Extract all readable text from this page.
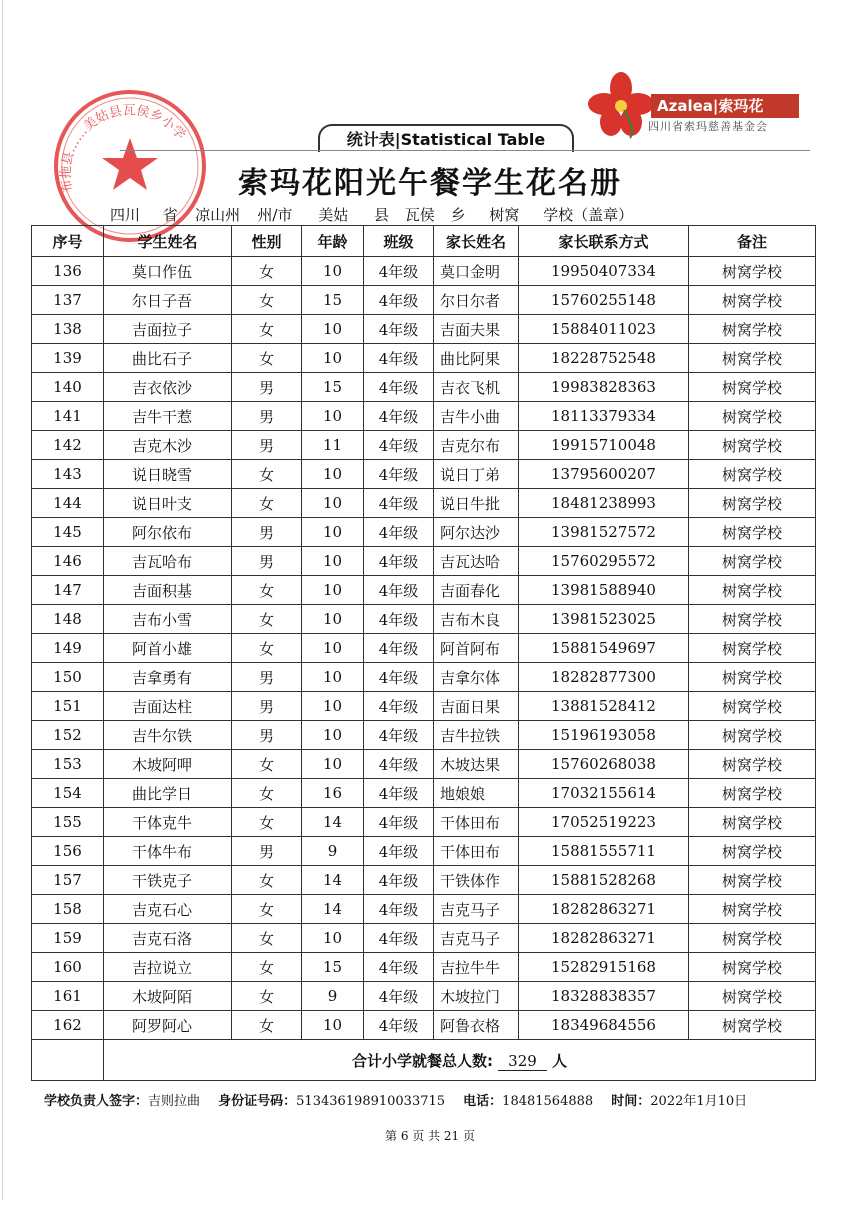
Azalea|索玛花
四川省索玛慈善基金会
布拖县……美姑县瓦侯乡小学	统计表|Statistical Table
索玛花阳光午餐学生花名册
四川 省 凉山州 州/市 美姑 县 瓦侯 乡 树窝 学校（盖章）
序号	学生姓名	性别	年龄	班级	家长姓名	家长联系方式	备注
136	莫口作伍	女	10	4年级	莫口金明	19950407334	树窝学校
137	尔日子吾	女	15	4年级	尔日尔者	15760255148	树窝学校
138	吉面拉子	女	10	4年级	吉面夫果	15884011023	树窝学校
139	曲比石子	女	10	4年级	曲比阿果	18228752548	树窝学校
140	吉衣依沙	男	15	4年级	吉衣飞机	19983828363	树窝学校
141	吉牛干惹	男	10	4年级	吉牛小曲	18113379334	树窝学校
142	吉克木沙	男	11	4年级	吉克尔布	19915710048	树窝学校
143	说日晓雪	女	10	4年级	说日丁弟	13795600207	树窝学校
144	说日叶支	女	10	4年级	说日牛批	18481238993	树窝学校
145	阿尔依布	男	10	4年级	阿尔达沙	13981527572	树窝学校
146	吉瓦哈布	男	10	4年级	吉瓦达哈	15760295572	树窝学校
147	吉面积基	女	10	4年级	吉面春化	13981588940	树窝学校
148	吉布小雪	女	10	4年级	吉布木良	13981523025	树窝学校
149	阿首小雄	女	10	4年级	阿首阿布	15881549697	树窝学校
150	吉拿勇有	男	10	4年级	吉拿尔体	18282877300	树窝学校
151	吉面达柱	男	10	4年级	吉面日果	13881528412	树窝学校
152	吉牛尔铁	男	10	4年级	吉牛拉铁	15196193058	树窝学校
153	木坡阿呷	女	10	4年级	木坡达果	15760268038	树窝学校
154	曲比学日	女	16	4年级	地娘娘	17032155614	树窝学校
155	干体克牛	女	14	4年级	干体田布	17052519223	树窝学校
156	干体牛布	男	9	4年级	干体田布	15881555711	树窝学校
157	干铁克子	女	14	4年级	干铁体作	15881528268	树窝学校
158	吉克石心	女	14	4年级	吉克马子	18282863271	树窝学校
159	吉克石洛	女	10	4年级	吉克马子	18282863271	树窝学校
160	吉拉说立	女	15	4年级	吉拉牛牛	15282915168	树窝学校
161	木坡阿陌	女	9	4年级	木坡拉门	18328838357	树窝学校
162	阿罗阿心	女	10	4年级	阿鲁衣格	18349684556	树窝学校
	合计小学就餐总人数: 329 人						
学校负责人签字：吉则拉曲 身份证号码：513436198910033715 电话：18481564888 时间：2022年1月10日
第 6 页 共 21 页
